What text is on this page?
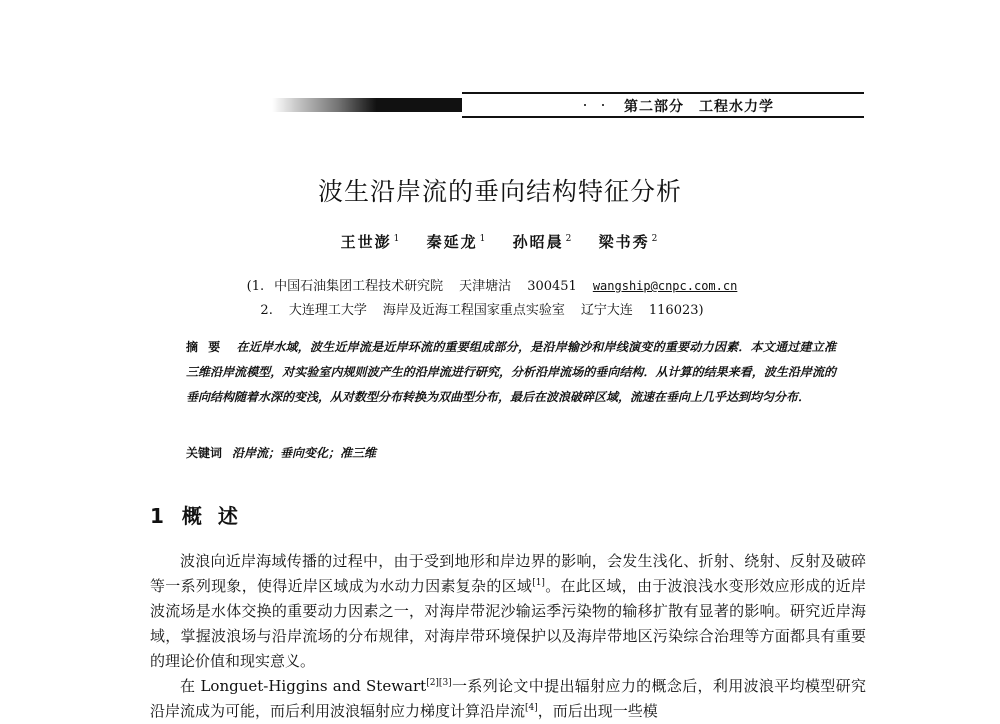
第二部分　工程水力学
波生沿岸流的垂向结构特征分析
王世澎 $^1$ 秦延龙 $^1$ 孙昭晨 $^2$ 梁书秀 $^2$
(1. 中国石油集团工程技术研究院 天津塘沽 300451 wangship@cnpc.com.cn
2. 大连理工大学 海岸及近海工程国家重点实验室 辽宁大连 116023)
摘要 在近岸水域，波生近岸流是近岸环流的重要组成部分，是沿岸输沙和岸线演变的重要动力因素．本文通过建立准三维沿岸流模型，对实验室内规则波产生的沿岸流进行研究，分析沿岸流场的垂向结构．从计算的结果来看，波生沿岸流的垂向结构随着水深的变浅，从对数型分布转换为双曲型分布，最后在波浪破碎区域，流速在垂向上几乎达到均匀分布．
关键词 沿岸流；垂向变化；准三维
1 概述
波浪向近岸海域传播的过程中，由于受到地形和岸边界的影响，会发生浅化、折射、绕射、反射及破碎等一系列现象，使得近岸区域成为水动力因素复杂的区域[1]。在此区域，由于波浪浅水变形效应形成的近岸波流场是水体交换的重要动力因素之一，对海岸带泥沙输运季污染物的输移扩散有显著的影响。研究近岸海域，掌握波浪场与沿岸流场的分布规律，对海岸带环境保护以及海岸带地区污染综合治理等方面都具有重要的理论价值和现实意义。
在 Longuet-Higgins and Stewart[2][3]一系列论文中提出辐射应力的概念后，利用波浪平均模型研究沿岸流成为可能，而后利用波浪辐射应力梯度计算沿岸流[4]，而后出现一些模
